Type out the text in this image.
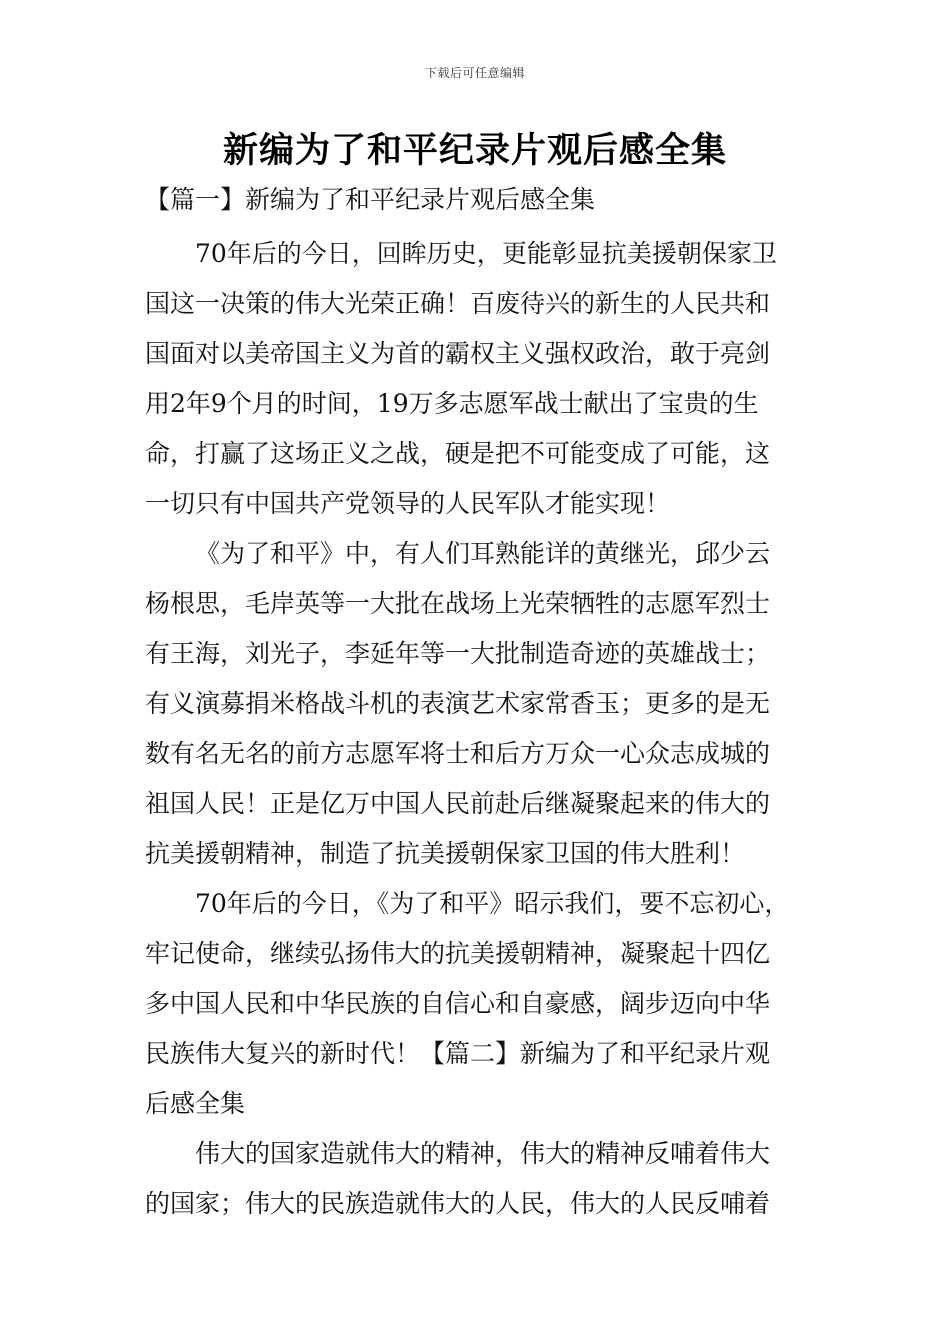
下载后可任意编辑
新编为了和平纪录片观后感全集
【篇一】新编为了和平纪录片观后感全集
70年后的今日，回眸历史，更能彰显抗美援朝保家卫
国这一决策的伟大光荣正确！百废待兴的新生的人民共和
国面对以美帝国主义为首的霸权主义强权政治，敢于亮剑
用2年9个月的时间，19万多志愿军战士献出了宝贵的生
命，打赢了这场正义之战，硬是把不可能变成了可能，这
一切只有中国共产党领导的人民军队才能实现！
《为了和平》中，有人们耳熟能详的黄继光，邱少云
杨根思，毛岸英等一大批在战场上光荣牺牲的志愿军烈士
有王海，刘光子，李延年等一大批制造奇迹的英雄战士；
有义演募捐米格战斗机的表演艺术家常香玉；更多的是无
数有名无名的前方志愿军将士和后方万众一心众志成城的
祖国人民！正是亿万中国人民前赴后继凝聚起来的伟大的
抗美援朝精神，制造了抗美援朝保家卫国的伟大胜利！
70年后的今日，《为了和平》昭示我们，要不忘初心，
牢记使命，继续弘扬伟大的抗美援朝精神，凝聚起十四亿
多中国人民和中华民族的自信心和自豪感，阔步迈向中华
民族伟大复兴的新时代！【篇二】新编为了和平纪录片观
后感全集
伟大的国家造就伟大的精神，伟大的精神反哺着伟大
的国家；伟大的民族造就伟大的人民，伟大的人民反哺着
